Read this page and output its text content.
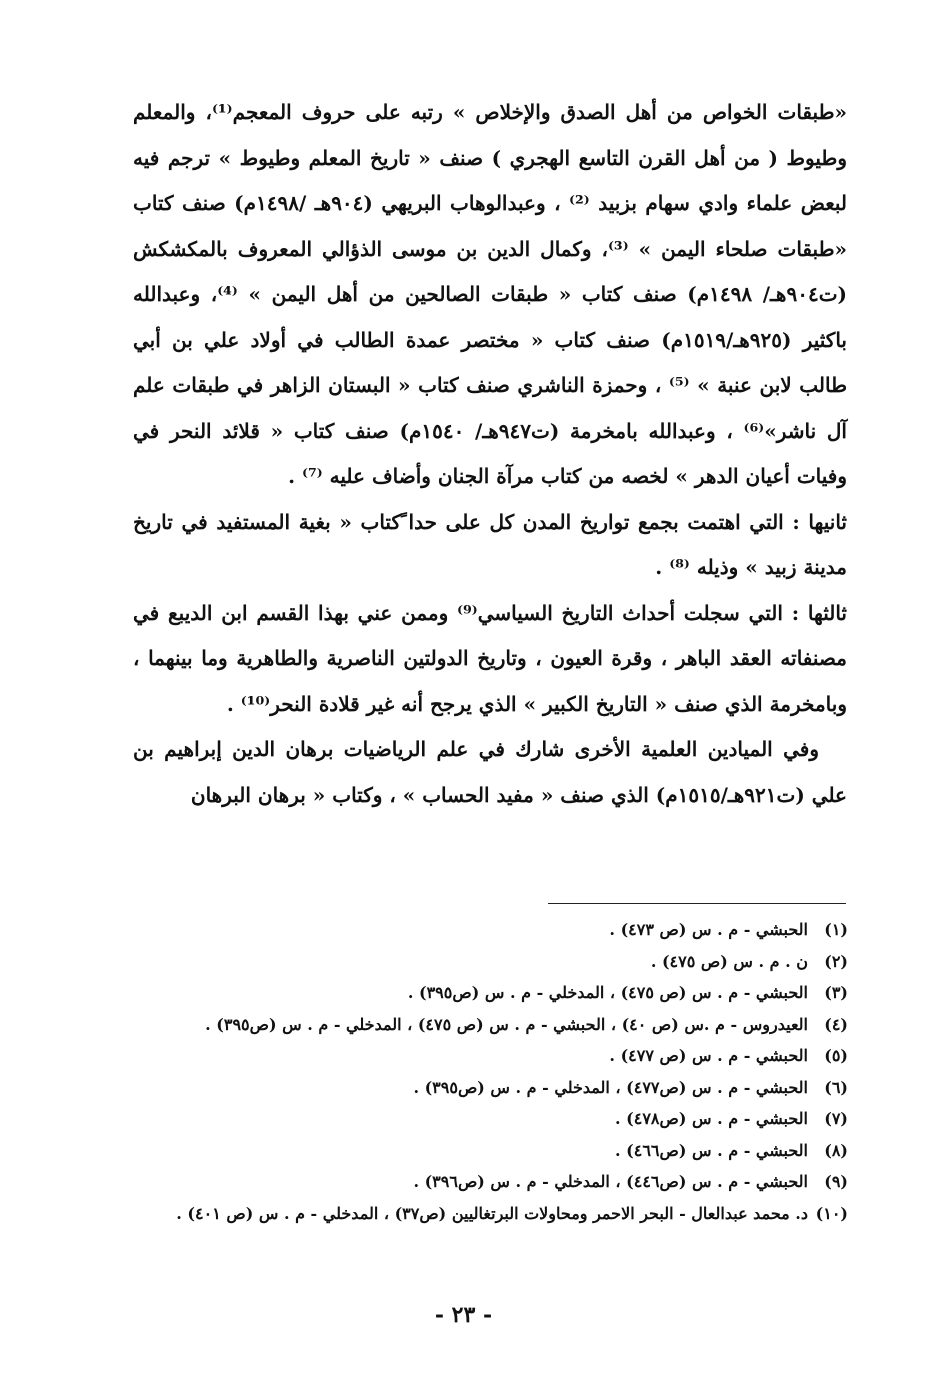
«طبقات الخواص من أهل الصدق والإخلاص » رتبه على حروف المعجم⁽¹⁾، والمعلم وطيوط ( من أهل القرن التاسع الهجري ) صنف « تاريخ المعلم وطيوط » ترجم فيه لبعض علماء وادي سهام بزبيد ⁽²⁾ ، وعبدالوهاب البريهي (٩٠٤هـ /١٤٩٨م) صنف كتاب «طبقات صلحاء اليمن » ⁽³⁾، وكمال الدين بن موسى الذؤالي المعروف بالمكشكش (ت٩٠٤هـ/ ١٤٩٨م) صنف كتاب « طبقات الصالحين من أهل اليمن » ⁽⁴⁾، وعبدالله باكثير (٩٢٥هـ/١٥١٩م) صنف كتاب « مختصر عمدة الطالب في أولاد علي بن أبي طالب لابن عنبة » ⁽⁵⁾ ، وحمزة الناشري صنف كتاب « البستان الزاهر في طبقات علم آل ناشر»⁽⁶⁾ ، وعبدالله بامخرمة (ت٩٤٧هـ/ ١٥٤٠م) صنف كتاب « قلائد النحر في وفيات أعيان الدهر » لخصه من كتاب مرآة الجنان وأضاف عليه ⁽⁷⁾ .

ثانيها : التي اهتمت بجمع تواريخ المدن كل على حدا ًكتاب « بغية المستفيد في تاريخ مدينة زبيد » وذيله ⁽⁸⁾ .

ثالثها : التي سجلت أحداث التاريخ السياسي⁽⁹⁾ وممن عني بهذا القسم ابن الديبع في مصنفاته العقد الباهر ، وقرة العيون ، وتاريخ الدولتين الناصرية والطاهرية وما بينهما ، وبامخرمة الذي صنف « التاريخ الكبير » الذي يرجح أنه غير قلادة النحر⁽¹⁰⁾ .

وفي الميادين العلمية الأخرى شارك في علم الرياضيات برهان الدين إبراهيم بن علي (ت٩٢١هـ/١٥١٥م) الذي صنف « مفيد الحساب » ، وكتاب « برهان البرهان

(١)الحبشي - م . س (ص ٤٧٣) .
(٢)ن . م . س (ص ٤٧٥) .
(٣)الحبشي - م . س (ص ٤٧٥) ، المدخلي - م . س (ص٣٩٥) .
(٤)العيدروس - م .س (ص ٤٠) ، الحبشي - م . س (ص ٤٧٥) ، المدخلي - م . س (ص٣٩٥) .
(٥)الحبشي - م . س (ص ٤٧٧) .
(٦)الحبشي - م . س (ص٤٧٧) ، المدخلي - م . س (ص٣٩٥) .
(٧)الحبشي - م . س (ص٤٧٨) .
(٨)الحبشي - م . س (ص٤٦٦) .
(٩)الحبشي - م . س (ص٤٤٦) ، المدخلي - م . س (ص٣٩٦) .
(١٠)د. محمد عبدالعال - البحر الاحمر ومحاولات البرتغاليين (ص٣٧) ، المدخلي - م . س (ص ٤٠١) .
- ٢٣ -
